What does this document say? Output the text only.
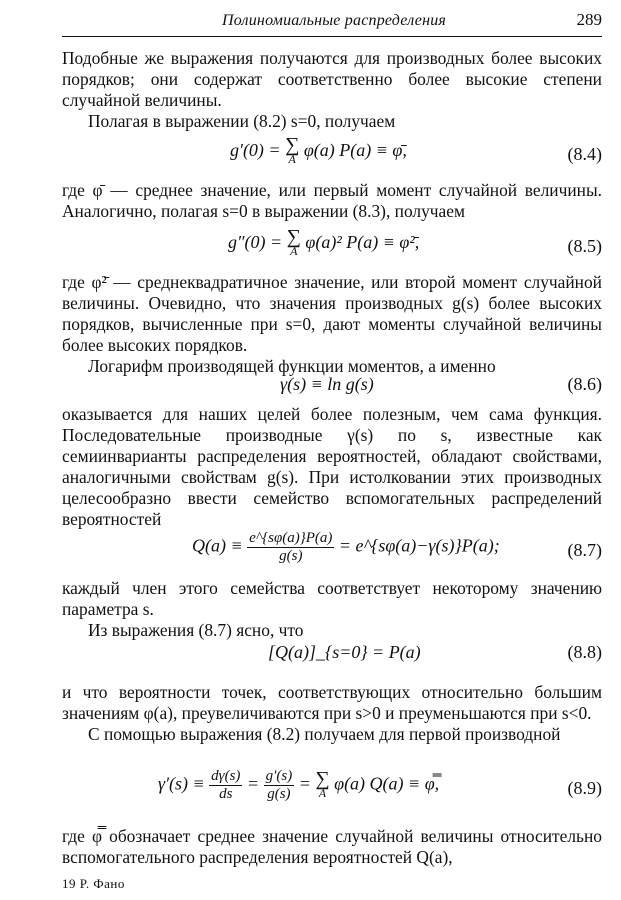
Полиномиальные распределения	289

Подобные же выражения получаются для производных более высоких порядков; они содержат соответственно более высокие степени случайной величины.

Полагая в выражении (8.2) s=0, получаем

g′(0) = ∑
A φ(a) P(a) ≡ φ̄,	(8.4)

где φ̄ — среднее значение, или первый момент случайной величины. Аналогично, полагая s=0 в выражении (8.3), получаем

g″(0) = ∑
A φ(a)² P(a) ≡ φ²̄,	(8.5)

где φ²̄ — среднеквадратичное значение, или второй момент случайной величины. Очевидно, что значения производных g(s) более высоких порядков, вычисленные при s=0, дают моменты случайной величины более высоких порядков.

Логарифм производящей функции моментов, а именно

γ(s) ≡ ln g(s)	(8.6)

оказывается для наших целей более полезным, чем сама функция. Последовательные производные γ(s) по s, известные как семиинварианты распределения вероятностей, обладают свойствами, аналогичными свойствам g(s). При истолковании этих производных целесообразно ввести семейство вспомогательных распределений вероятностей

$Q(a) \equiv \frac{e\^{}\{s\varphi(a)\}P(a)}{g(s)}$ = e^{sφ(a)−γ(s)}P(a);	(8.7)

каждый член этого семейства соответствует некоторому значению параметра s.

Из выражения (8.7) ясно, что

[Q(a)]_{s=0} = P(a)	(8.8)

и что вероятности точек, соответствующих относительно большим значениям φ(a), преувеличиваются при s>0 и преуменьшаются при s<0.

С помощью выражения (8.2) получаем для первой производной

$\gamma'(s) \equiv \frac{d\gamma(s)}{ds} = \frac{g'(s)}{g(s)}$ = ∑
A φ(a) Q(a) ≡ φ̿,	(8.9)

где φ̿ обозначает среднее значение случайной величины относительно вспомогательного распределения вероятностей Q(a),

19 Р. Фано
